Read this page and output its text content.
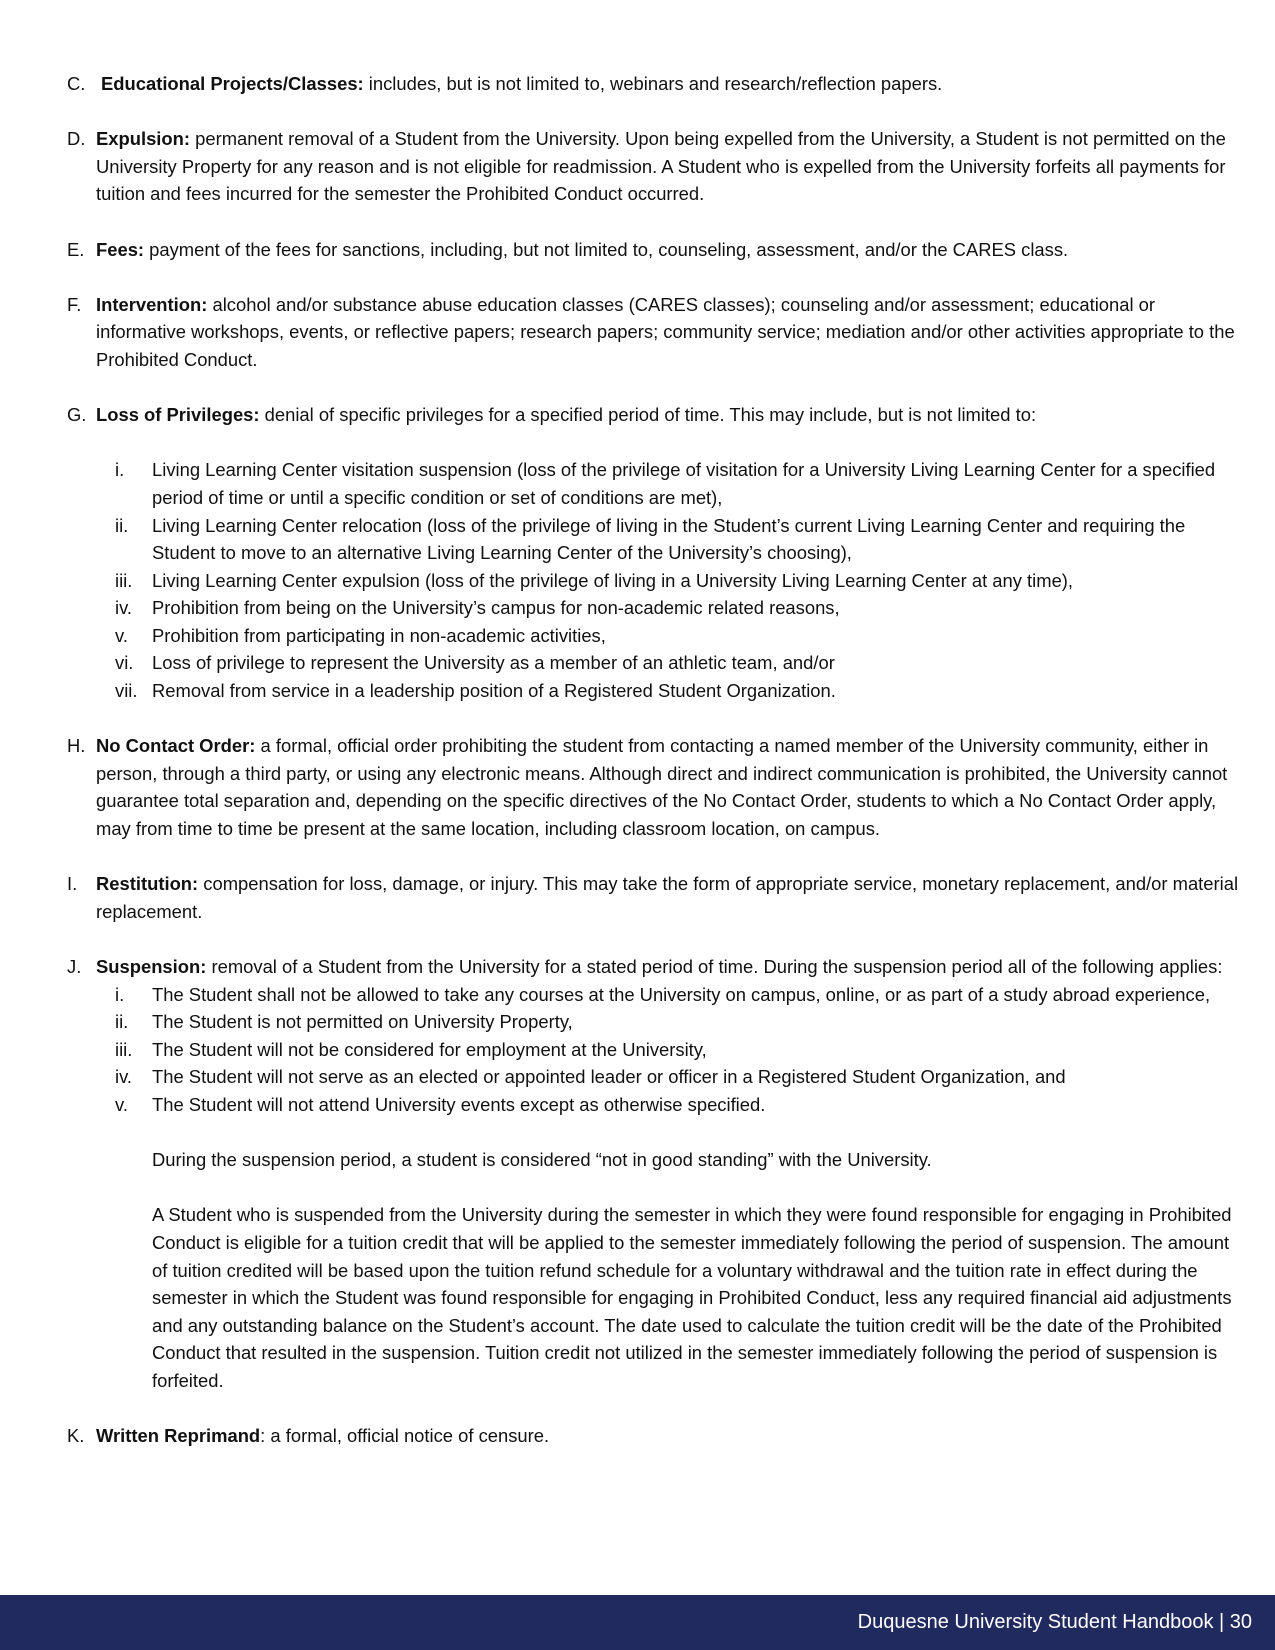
C. Educational Projects/Classes: includes, but is not limited to, webinars and research/reflection papers.
D. Expulsion: permanent removal of a Student from the University. Upon being expelled from the University, a Student is not permitted on the University Property for any reason and is not eligible for readmission. A Student who is expelled from the University forfeits all payments for tuition and fees incurred for the semester the Prohibited Conduct occurred.
E. Fees: payment of the fees for sanctions, including, but not limited to, counseling, assessment, and/or the CARES class.
F. Intervention: alcohol and/or substance abuse education classes (CARES classes); counseling and/or assessment; educational or informative workshops, events, or reflective papers; research papers; community service; mediation and/or other activities appropriate to the Prohibited Conduct.
G. Loss of Privileges: denial of specific privileges for a specified period of time. This may include, but is not limited to:
i.	Living Learning Center visitation suspension (loss of the privilege of visitation for a University Living Learning Center for a specified period of time or until a specific condition or set of conditions are met),
ii.	Living Learning Center relocation (loss of the privilege of living in the Student’s current Living Learning Center and requiring the Student to move to an alternative Living Learning Center of the University’s choosing),
iii.	Living Learning Center expulsion (loss of the privilege of living in a University Living Learning Center at any time),
iv.	Prohibition from being on the University’s campus for non-academic related reasons,
v.	Prohibition from participating in non-academic activities,
vi.	Loss of privilege to represent the University as a member of an athletic team, and/or
vii. Removal from service in a leadership position of a Registered Student Organization.
H. No Contact Order: a formal, official order prohibiting the student from contacting a named member of the University community, either in person, through a third party, or using any electronic means. Although direct and indirect communication is prohibited, the University cannot guarantee total separation and, depending on the specific directives of the No Contact Order, students to which a No Contact Order apply, may from time to time be present at the same location, including classroom location, on campus.
I.	Restitution: compensation for loss, damage, or injury. This may take the form of appropriate service, monetary replacement, and/or material replacement.
J. Suspension: removal of a Student from the University for a stated period of time. During the suspension period all of the following applies:
i.	The Student shall not be allowed to take any courses at the University on campus, online, or as part of a study abroad experience,
ii.	The Student is not permitted on University Property,
iii.	The Student will not be considered for employment at the University,
iv.	The Student will not serve as an elected or appointed leader or officer in a Registered Student Organization, and
v.	The Student will not attend University events except as otherwise specified.

During the suspension period, a student is considered “not in good standing” with the University.

A Student who is suspended from the University during the semester in which they were found responsible for engaging in Prohibited Conduct is eligible for a tuition credit that will be applied to the semester immediately following the period of suspension. The amount of tuition credited will be based upon the tuition refund schedule for a voluntary withdrawal and the tuition rate in effect during the semester in which the Student was found responsible for engaging in Prohibited Conduct, less any required financial aid adjustments and any outstanding balance on the Student’s account. The date used to calculate the tuition credit will be the date of the Prohibited Conduct that resulted in the suspension. Tuition credit not utilized in the semester immediately following the period of suspension is forfeited.

K. Written Reprimand: a formal, official notice of censure.
Duquesne University Student Handbook | 30
